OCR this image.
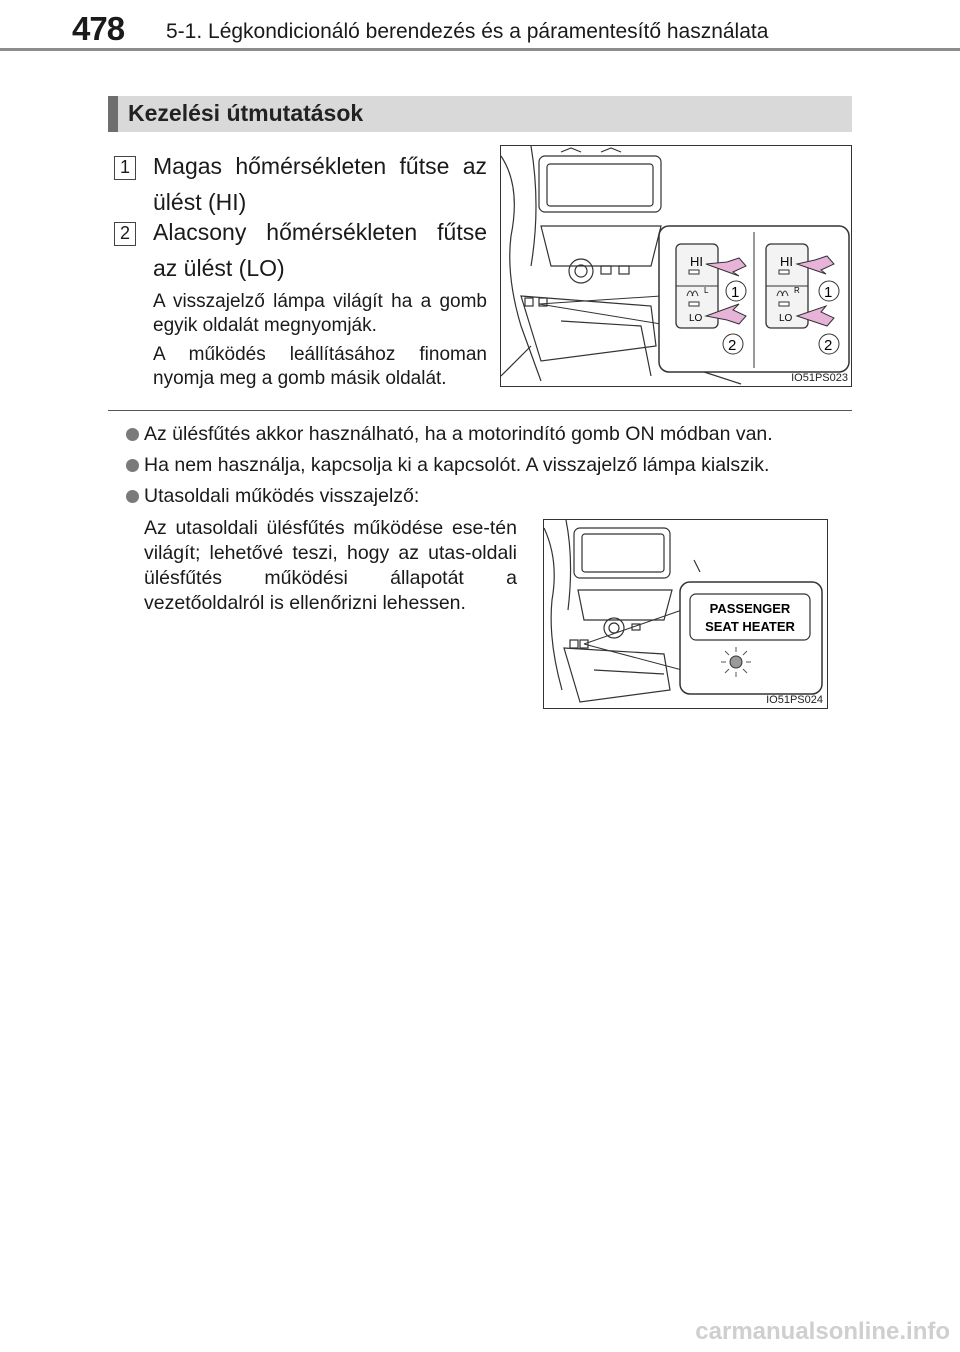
478 5-1. Légkondicionáló berendezés és a páramentesítő használata
Kezelési útmutatások
1 Magas hőmérsékleten fűtse az ülést (HI)
2 Alacsony hőmérsékleten fűtse az ülést (LO)
A visszajelző lámpa világít ha a gomb egyik oldalát megnyomják.
A működés leállításához finoman nyomja meg a gomb másik oldalát.
HI
LO
L 1
2
HI
LO
R 1
2
IO51PS023
Az ülésfűtés akkor használható, ha a motorindító gomb ON módban van.
Ha nem használja, kapcsolja ki a kapcsolót. A visszajelző lámpa kialszik.
Utasoldali működés visszajelző:
Az utasoldali ülésfűtés működése ese-tén világít; lehetővé teszi, hogy az utas-oldali ülésfűtés működési állapotát a vezetőoldalról is ellenőrizni lehessen.	PASSENGER
SEAT HEATER
IO51PS024
carmanualsonline.info
